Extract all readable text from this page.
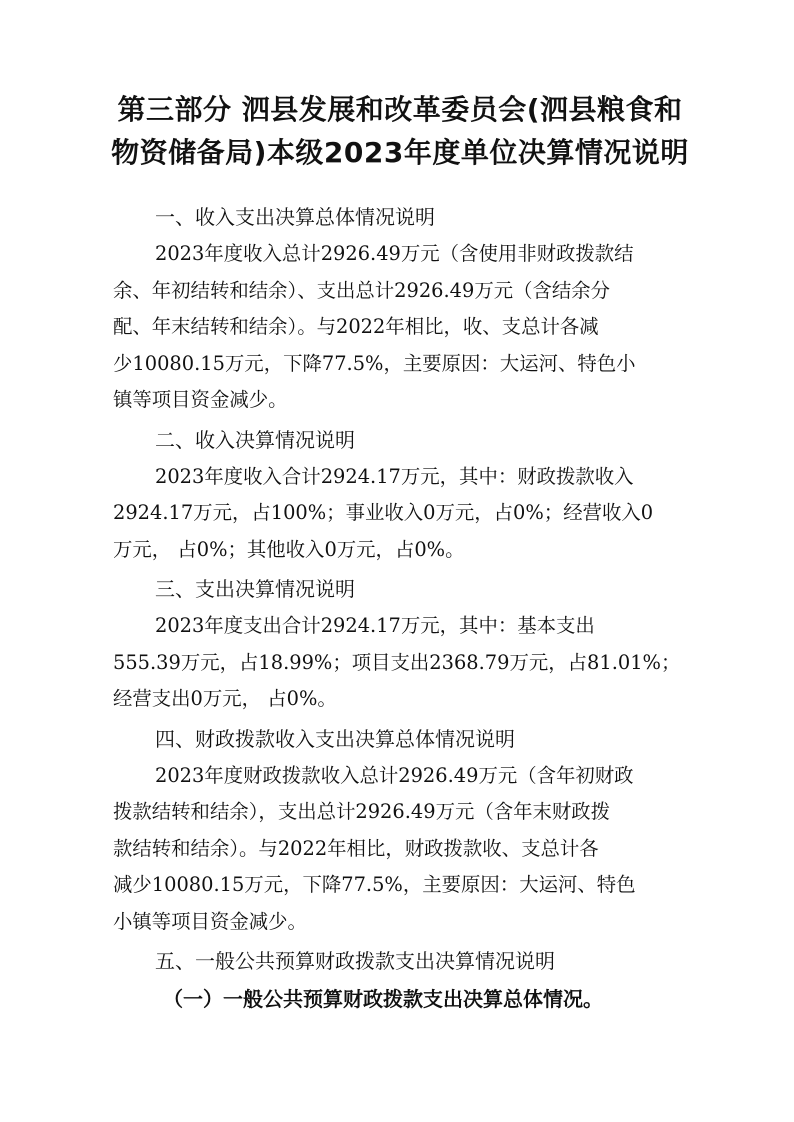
第三部分 泗县发展和改革委员会(泗县粮食和
物资储备局)本级2023年度单位决算情况说明
一、收入支出决算总体情况说明
2023年度收入总计2926.49万元（含使用非财政拨款结
余、年初结转和结余）、支出总计2926.49万元（含结余分
配、年末结转和结余）。与2022年相比，收、支总计各减
少10080.15万元，下降77.5%，主要原因：大运河、特色小
镇等项目资金减少。
二、收入决算情况说明
2023年度收入合计2924.17万元，其中：财政拨款收入
2924.17万元，占100%；事业收入0万元，占0%；经营收入0
万元， 占0%；其他收入0万元，占0%。
三、支出决算情况说明
2023年度支出合计2924.17万元，其中：基本支出
555.39万元，占18.99%；项目支出2368.79万元，占81.01%；
经营支出0万元， 占0%。
四、财政拨款收入支出决算总体情况说明
2023年度财政拨款收入总计2926.49万元（含年初财政
拨款结转和结余），支出总计2926.49万元（含年末财政拨
款结转和结余）。与2022年相比，财政拨款收、支总计各
减少10080.15万元，下降77.5%，主要原因：大运河、特色
小镇等项目资金减少。
五、一般公共预算财政拨款支出决算情况说明
（一）一般公共预算财政拨款支出决算总体情况。
